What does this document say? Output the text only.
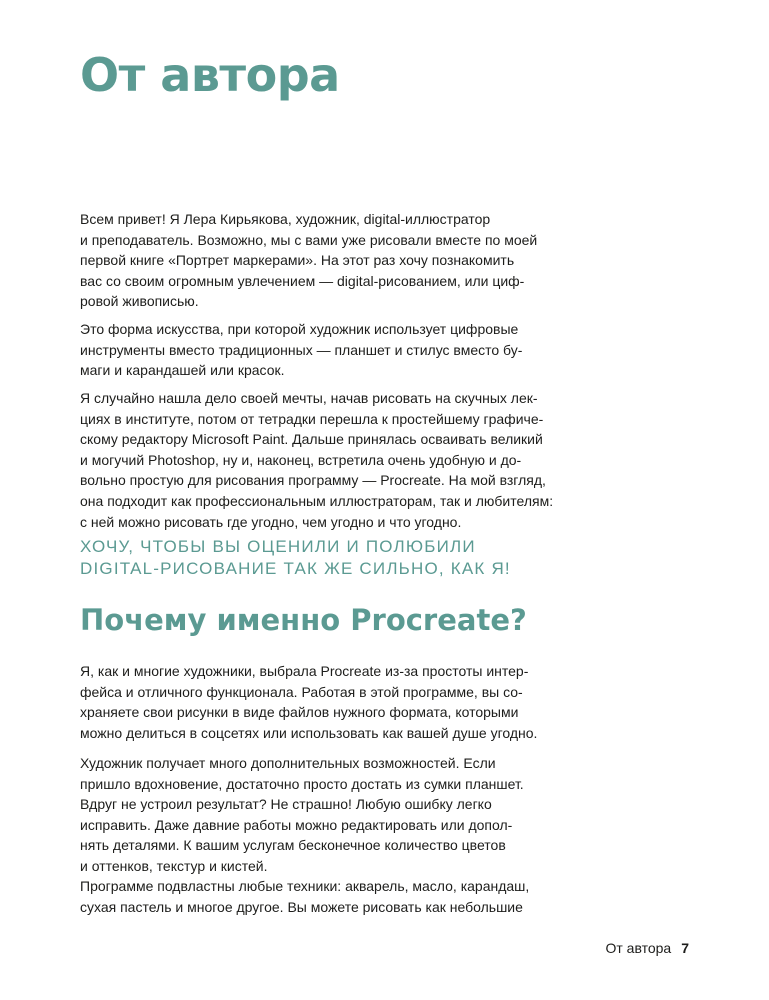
От автора

Всем привет! Я Лера Кирьякова, художник, digital-иллюстратор
и преподаватель. Возможно, мы с вами уже рисовали вместе по моей
первой книге «Портрет маркерами». На этот раз хочу познакомить
вас со своим огромным увлечением — digital-рисованием, или циф-
ровой живописью.

Это форма искусства, при которой художник использует цифровые
инструменты вместо традиционных — планшет и стилус вместо бу-
маги и карандашей или красок.

Я случайно нашла дело своей мечты, начав рисовать на скучных лек-
циях в институте, потом от тетрадки перешла к простейшему графиче-
скому редактору Microsoft Paint. Дальше принялась осваивать великий
и могучий Photoshop, ну и, наконец, встретила очень удобную и до-
вольно простую для рисования программу — Procreate. На мой взгляд,
она подходит как профессиональным иллюстраторам, так и любителям:
с ней можно рисовать где угодно, чем угодно и что угодно.

ХОЧУ, ЧТОБЫ ВЫ ОЦЕНИЛИ И ПОЛЮБИЛИ
DIGITAL-РИСОВАНИЕ ТАК ЖЕ СИЛЬНО, КАК Я!

Почему именно Procreate?

Я, как и многие художники, выбрала Procreate из-за простоты интер-
фейса и отличного функционала. Работая в этой программе, вы со-
храняете свои рисунки в виде файлов нужного формата, которыми
можно делиться в соцсетях или использовать как вашей душе угодно.

Художник получает много дополнительных возможностей. Если
пришло вдохновение, достаточно просто достать из сумки планшет.
Вдруг не устроил результат? Не страшно! Любую ошибку легко
исправить. Даже давние работы можно редактировать или допол-
нять деталями. К вашим услугам бесконечное количество цветов
и оттенков, текстур и кистей.

Программе подвластны любые техники: акварель, масло, карандаш,
сухая пастель и многое другое. Вы можете рисовать как небольшие

От автора 7
